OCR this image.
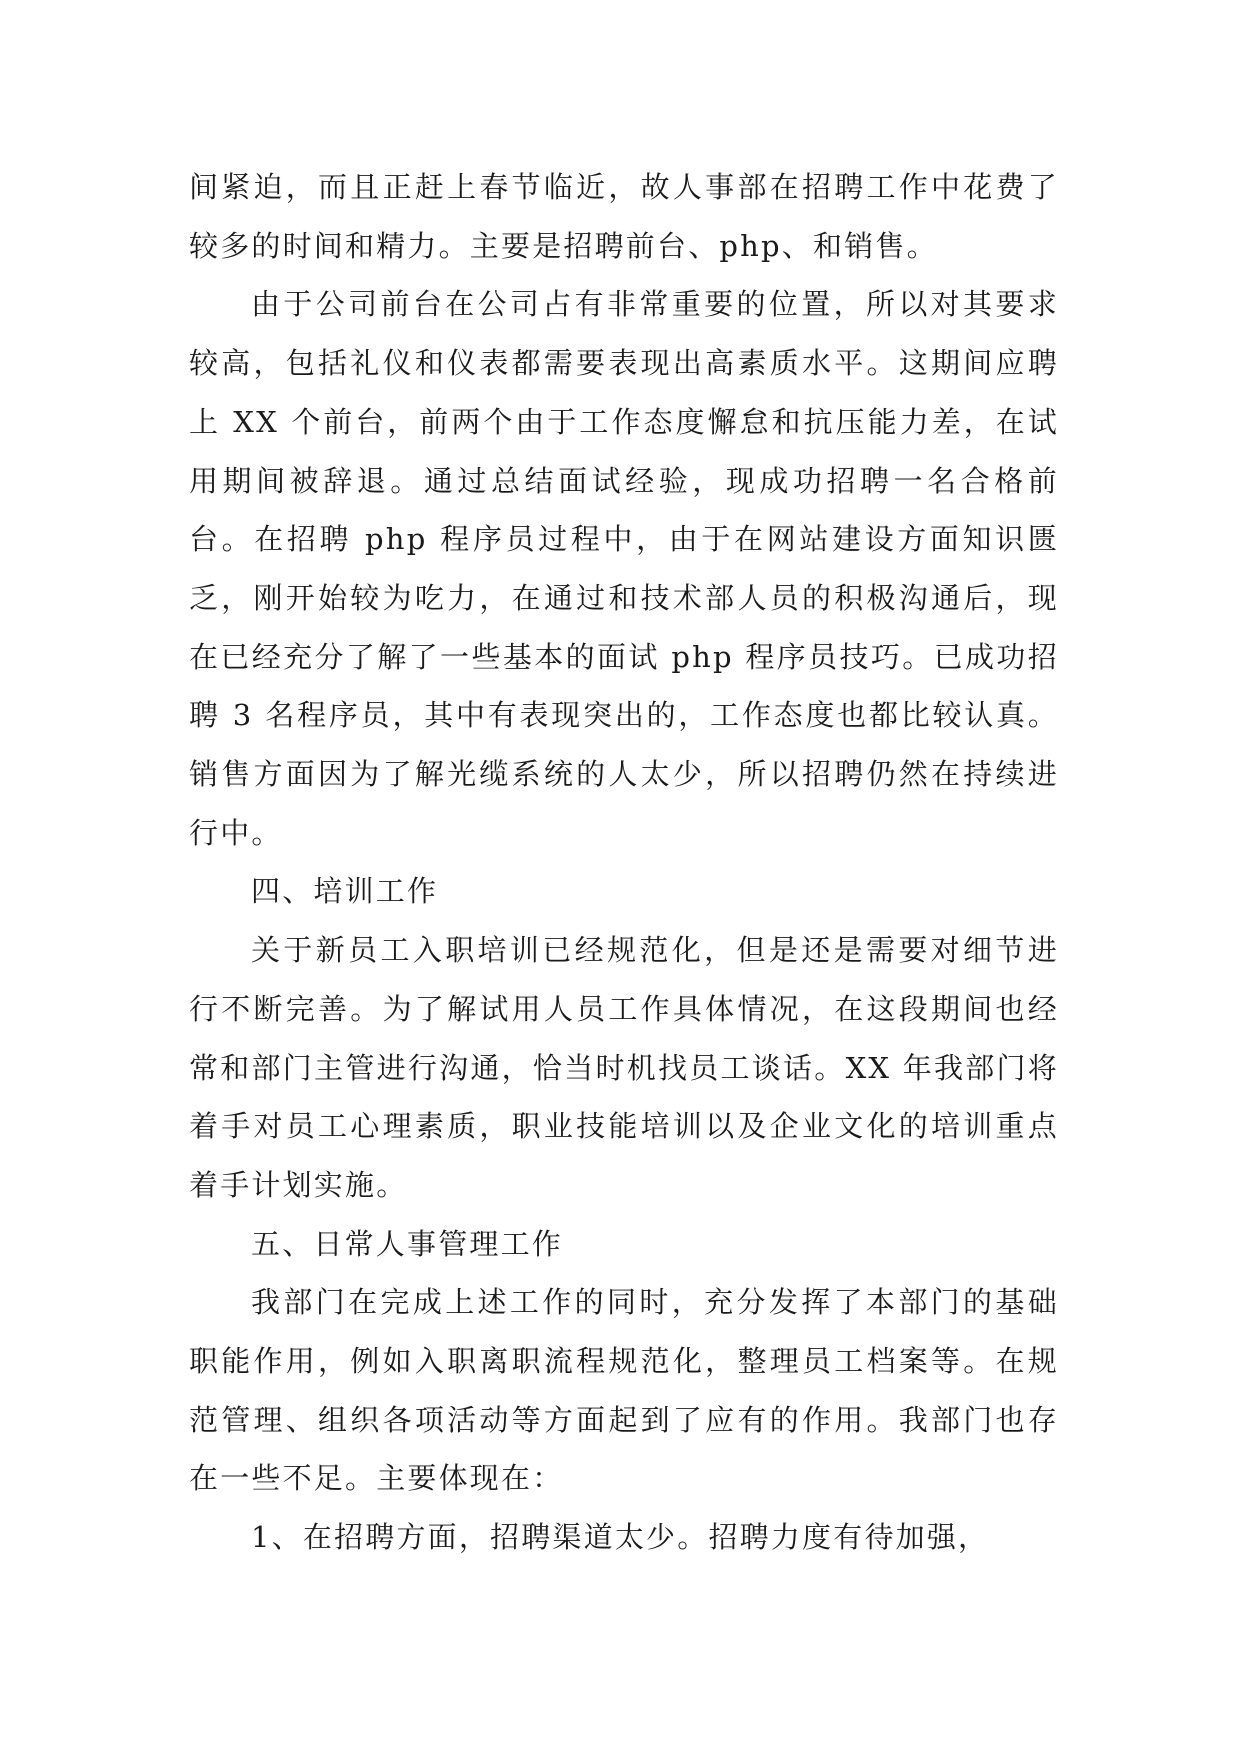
间紧迫，而且正赶上春节临近，故人事部在招聘工作中花费了较多的时间和精力。主要是招聘前台、php、和销售。

由于公司前台在公司占有非常重要的位置，所以对其要求较高，包括礼仪和仪表都需要表现出高素质水平。这期间应聘上 XX 个前台，前两个由于工作态度懈怠和抗压能力差，在试用期间被辞退。通过总结面试经验，现成功招聘一名合格前台。在招聘 php 程序员过程中，由于在网站建设方面知识匮乏，刚开始较为吃力，在通过和技术部人员的积极沟通后，现在已经充分了解了一些基本的面试 php 程序员技巧。已成功招聘 3 名程序员，其中有表现突出的，工作态度也都比较认真。销售方面因为了解光缆系统的人太少，所以招聘仍然在持续进行中。

四、培训工作

关于新员工入职培训已经规范化，但是还是需要对细节进行不断完善。为了解试用人员工作具体情况，在这段期间也经常和部门主管进行沟通，恰当时机找员工谈话。XX 年我部门将着手对员工心理素质，职业技能培训以及企业文化的培训重点着手计划实施。

五、日常人事管理工作

我部门在完成上述工作的同时，充分发挥了本部门的基础职能作用，例如入职离职流程规范化，整理员工档案等。在规范管理、组织各项活动等方面起到了应有的作用。我部门也存在一些不足。主要体现在：

1、在招聘方面，招聘渠道太少。招聘力度有待加强，
